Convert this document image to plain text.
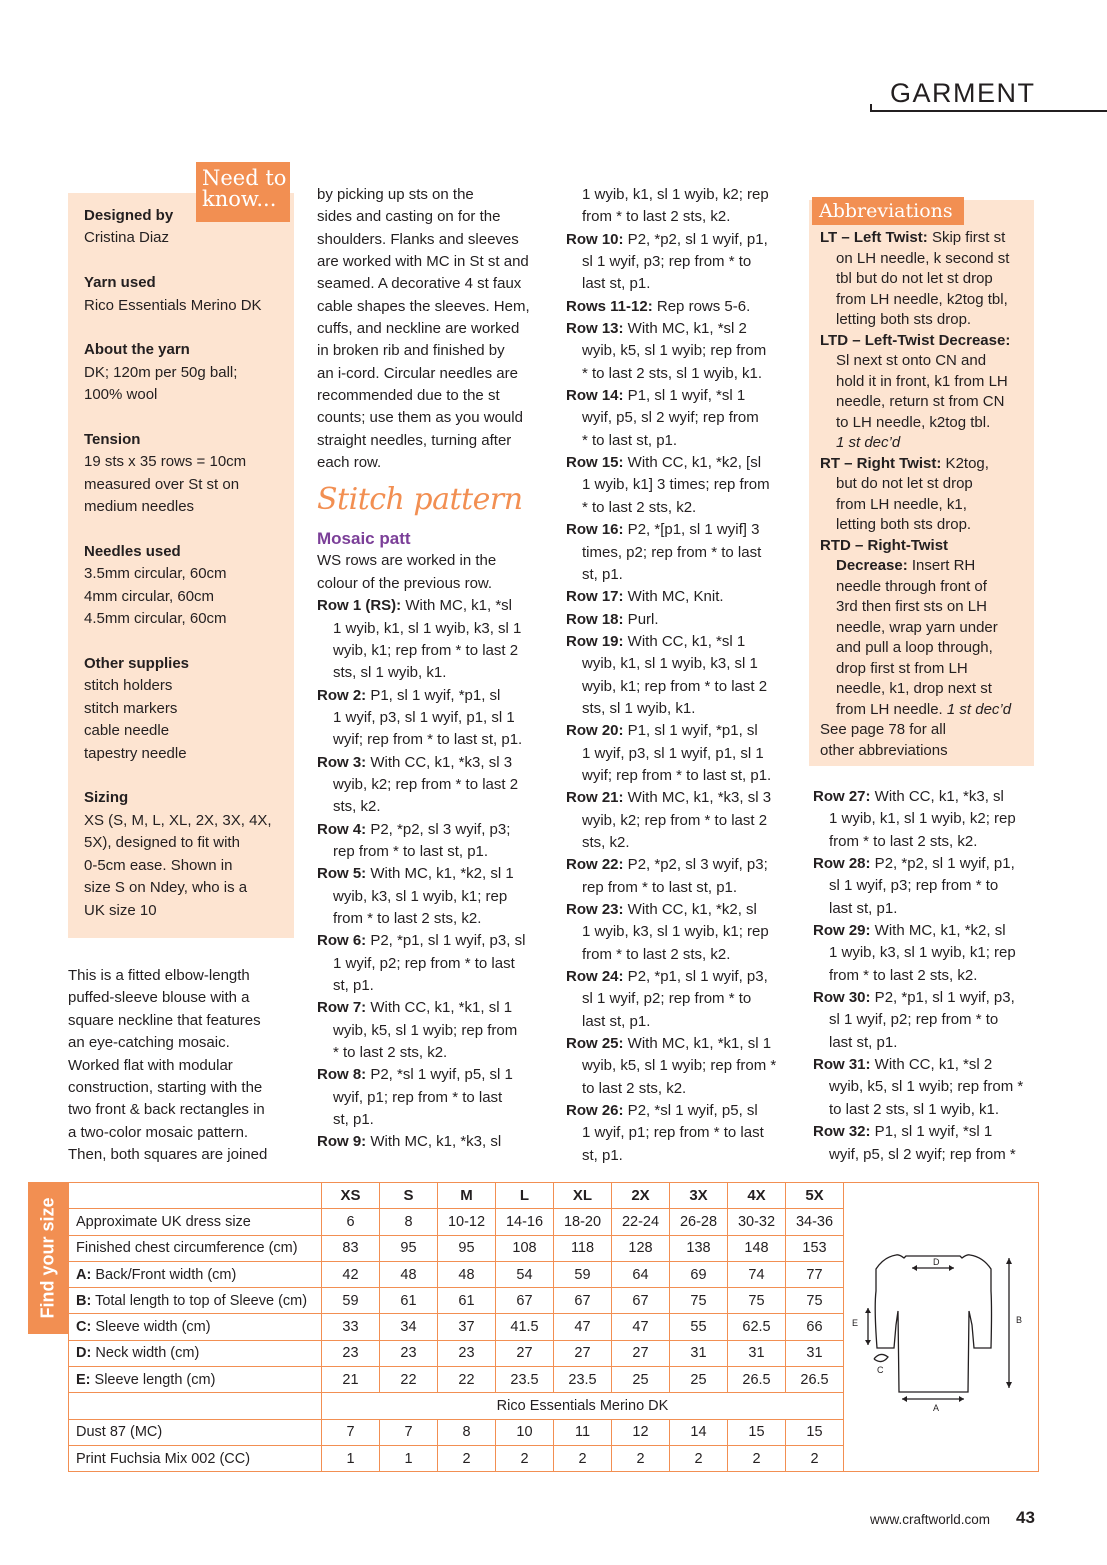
GARMENT
Need to
know...
Designed by
Cristina Diaz
Yarn used
Rico Essentials Merino DK
About the yarn
DK; 120m per 50g ball;
100% wool
Tension
19 sts x 35 rows = 10cm
measured over St st on
medium needles
Needles used
3.5mm circular, 60cm
4mm circular, 60cm
4.5mm circular, 60cm
Other supplies
stitch holders
stitch markers
cable needle
tapestry needle
Sizing
XS (S, M, L, XL, 2X, 3X, 4X,
5X), designed to fit with
0-5cm ease. Shown in
size S on Ndey, who is a
UK size 10
This is a fitted elbow-length
puffed-sleeve blouse with a
square neckline that features
an eye-catching mosaic.
Worked flat with modular
construction, starting with the
two front & back rectangles in
a two-color mosaic pattern.
Then, both squares are joined
by picking up sts on the
sides and casting on for the
shoulders. Flanks and sleeves
are worked with MC in St st and
seamed. A decorative 4 st faux
cable shapes the sleeves. Hem,
cuffs, and neckline are worked
in broken rib and finished by
an i-cord. Circular needles are
recommended due to the st
counts; use them as you would
straight needles, turning after
each row.
Stitch pattern
Mosaic patt
WS rows are worked in the
colour of the previous row.
Row 1 (RS): With MC, k1, *sl
1 wyib, k1, sl 1 wyib, k3, sl 1
wyib, k1; rep from * to last 2
sts, sl 1 wyib, k1.
Row 2: P1, sl 1 wyif, *p1, sl
1 wyif, p3, sl 1 wyif, p1, sl 1
wyif; rep from * to last st, p1.
Row 3: With CC, k1, *k3, sl 3
wyib, k2; rep from * to last 2
sts, k2.
Row 4: P2, *p2, sl 3 wyif, p3;
rep from * to last st, p1.
Row 5: With MC, k1, *k2, sl 1
wyib, k3, sl 1 wyib, k1; rep
from * to last 2 sts, k2.
Row 6: P2, *p1, sl 1 wyif, p3, sl
1 wyif, p2; rep from * to last
st, p1.
Row 7: With CC, k1, *k1, sl 1
wyib, k5, sl 1 wyib; rep from
* to last 2 sts, k2.
Row 8: P2, *sl 1 wyif, p5, sl 1
wyif, p1; rep from * to last
st, p1.
Row 9: With MC, k1, *k3, sl
1 wyib, k1, sl 1 wyib, k2; rep
from * to last 2 sts, k2.
Row 10: P2, *p2, sl 1 wyif, p1,
sl 1 wyif, p3; rep from * to
last st, p1.
Rows 11-12: Rep rows 5-6.
Row 13: With MC, k1, *sl 2
wyib, k5, sl 1 wyib; rep from
* to last 2 sts, sl 1 wyib, k1.
Row 14: P1, sl 1 wyif, *sl 1
wyif, p5, sl 2 wyif; rep from
* to last st, p1.
Row 15: With CC, k1, *k2, [sl
1 wyib, k1] 3 times; rep from
* to last 2 sts, k2.
Row 16: P2, *[p1, sl 1 wyif] 3
times, p2; rep from * to last
st, p1.
Row 17: With MC, Knit.
Row 18: Purl.
Row 19: With CC, k1, *sl 1
wyib, k1, sl 1 wyib, k3, sl 1
wyib, k1; rep from * to last 2
sts, sl 1 wyib, k1.
Row 20: P1, sl 1 wyif, *p1, sl
1 wyif, p3, sl 1 wyif, p1, sl 1
wyif; rep from * to last st, p1.
Row 21: With MC, k1, *k3, sl 3
wyib, k2; rep from * to last 2
sts, k2.
Row 22: P2, *p2, sl 3 wyif, p3;
rep from * to last st, p1.
Row 23: With CC, k1, *k2, sl
1 wyib, k3, sl 1 wyib, k1; rep
from * to last 2 sts, k2.
Row 24: P2, *p1, sl 1 wyif, p3,
sl 1 wyif, p2; rep from * to
last st, p1.
Row 25: With MC, k1, *k1, sl 1
wyib, k5, sl 1 wyib; rep from *
to last 2 sts, k2.
Row 26: P2, *sl 1 wyif, p5, sl
1 wyif, p1; rep from * to last
st, p1.
Abbreviations
LT – Left Twist: Skip first st
on LH needle, k second st
tbl but do not let st drop
from LH needle, k2tog tbl,
letting both sts drop.
LTD – Left-Twist Decrease:
Sl next st onto CN and
hold it in front, k1 from LH
needle, return st from CN
to LH needle, k2tog tbl.
1 st dec’d
RT – Right Twist: K2tog,
but do not let st drop
from LH needle, k1,
letting both sts drop.
RTD – Right-Twist
Decrease: Insert RH
needle through front of
3rd then first sts on LH
needle, wrap yarn under
and pull a loop through,
drop first st from LH
needle, k1, drop next st
from LH needle. 1 st dec’d
See page 78 for all
other abbreviations
Row 27: With CC, k1, *k3, sl
1 wyib, k1, sl 1 wyib, k2; rep
from * to last 2 sts, k2.
Row 28: P2, *p2, sl 1 wyif, p1,
sl 1 wyif, p3; rep from * to
last st, p1.
Row 29: With MC, k1, *k2, sl
1 wyib, k3, sl 1 wyib, k1; rep
from * to last 2 sts, k2.
Row 30: P2, *p1, sl 1 wyif, p3,
sl 1 wyif, p2; rep from * to
last st, p1.
Row 31: With CC, k1, *sl 2
wyib, k5, sl 1 wyib; rep from *
to last 2 sts, sl 1 wyib, k1.
Row 32: P1, sl 1 wyif, *sl 1
wyif, p5, sl 2 wyif; rep from *
Find your size
	XS	S	M	L	XL	2X	3X	4X	5X
Approximate UK dress size	6	8	10-12	14-16	18-20	22-24	26-28	30-32	34-36
Finished chest circumference (cm)	83	95	95	108	118	128	138	148	153
A: Back/Front width (cm)	42	48	48	54	59	64	69	74	77
B: Total length to top of Sleeve (cm)	59	61	61	67	67	67	75	75	75
C: Sleeve width (cm)	33	34	37	41.5	47	47	55	62.5	66
D: Neck width (cm)	23	23	23	27	27	27	31	31	31
E: Sleeve length (cm)	21	22	22	23.5	23.5	25	25	26.5	26.5
	Rico Essentials Merino DK								
Dust 87 (MC)	7	7	8	10	11	12	14	15	15
Print Fuchsia Mix 002 (CC)	1	1	2	2	2	2	2	2	2
D
B
E
A
C
www.craftworld.com 43
